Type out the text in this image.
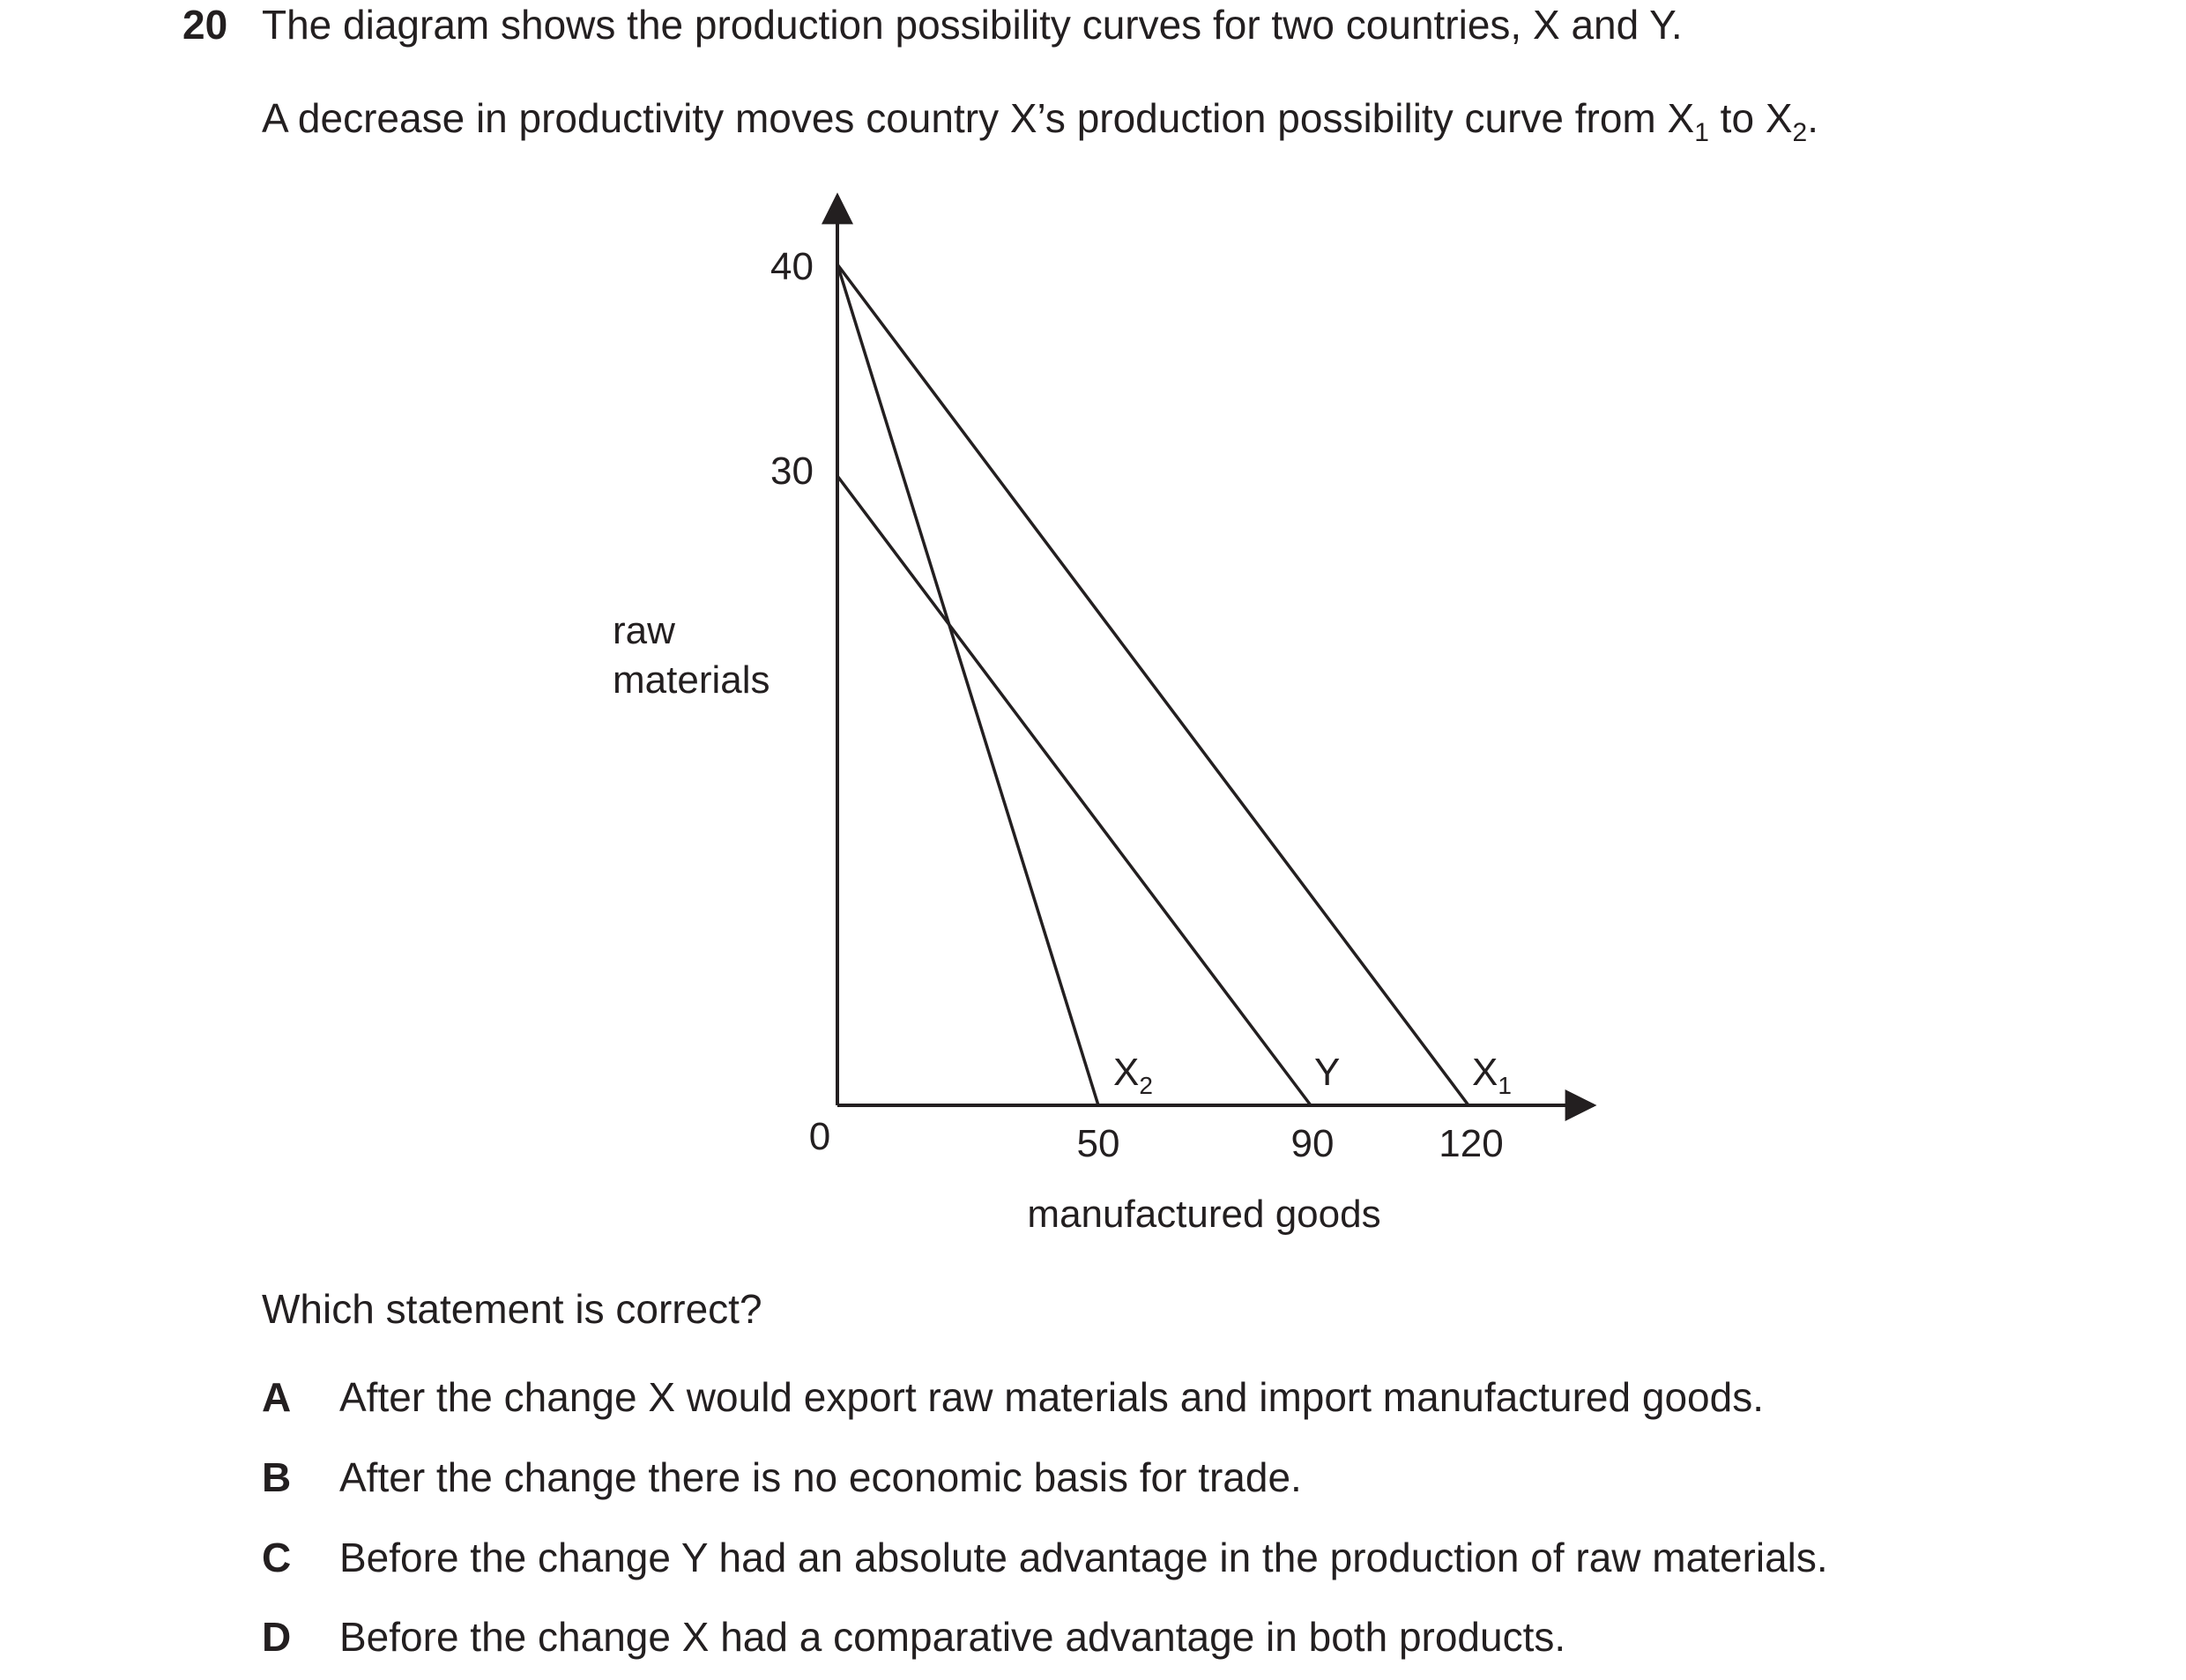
20 The diagram shows the production possibility curves for two countries, X and Y.
A decrease in productivity moves country X’s production possibility curve from $X_1$ to $X_2$.
40
30
raw
materials
0	50	90	120
manufactured goods
$X_2$	Y	$X_1$
Which statement is correct?
A After the change X would export raw materials and import manufactured goods.
B After the change there is no economic basis for trade.
C Before the change Y had an absolute advantage in the production of raw materials.
D Before the change X had a comparative advantage in both products.
